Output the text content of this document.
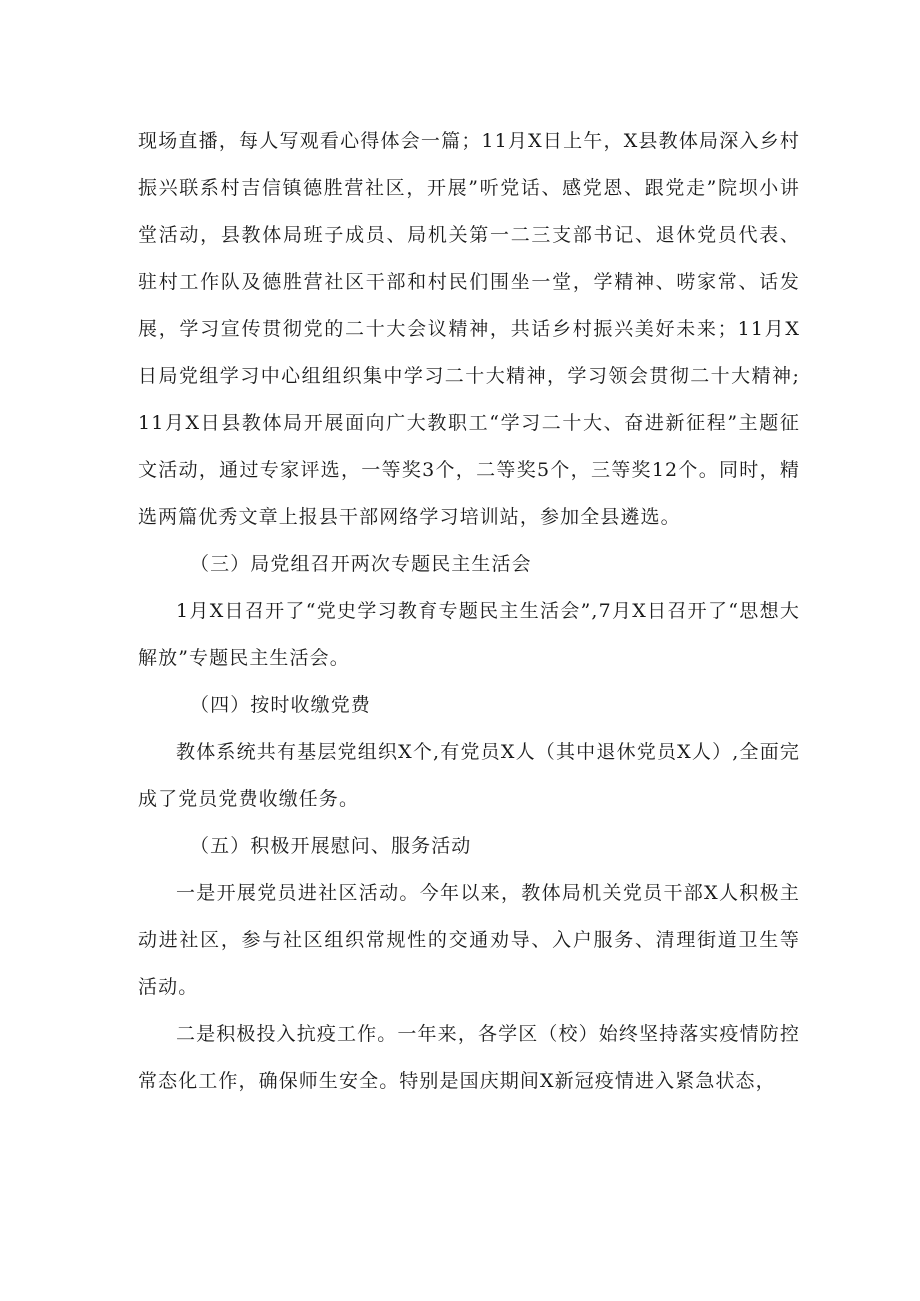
现场直播，每人写观看心得体会一篇；11月X日上午，X县教体局深入乡村振兴联系村吉信镇德胜营社区，开展”听党话、感党恩、跟党走”院坝小讲堂活动，县教体局班子成员、局机关第一二三支部书记、退休党员代表、驻村工作队及德胜营社区干部和村民们围坐一堂，学精神、唠家常、话发展，学习宣传贯彻党的二十大会议精神，共话乡村振兴美好未来；11月X日局党组学习中心组组织集中学习二十大精神，学习领会贯彻二十大精神;11月X日县教体局开展面向广大教职工“学习二十大、奋进新征程”主题征文活动，通过专家评选，一等奖3个，二等奖5个，三等奖12个。同时，精选两篇优秀文章上报县干部网络学习培训站，参加全县遴选。

（三）局党组召开两次专题民主生活会

1月X日召开了“党史学习教育专题民主生活会”,7月X日召开了“思想大解放”专题民主生活会。

（四）按时收缴党费

教体系统共有基层党组织X个,有党员X人（其中退休党员X人）,全面完成了党员党费收缴任务。

（五）积极开展慰问、服务活动

一是开展党员进社区活动。今年以来，教体局机关党员干部X人积极主动进社区，参与社区组织常规性的交通劝导、入户服务、清理街道卫生等活动。

二是积极投入抗疫工作。一年来，各学区（校）始终坚持落实疫情防控常态化工作，确保师生安全。特别是国庆期间X新冠疫情进入紧急状态，
